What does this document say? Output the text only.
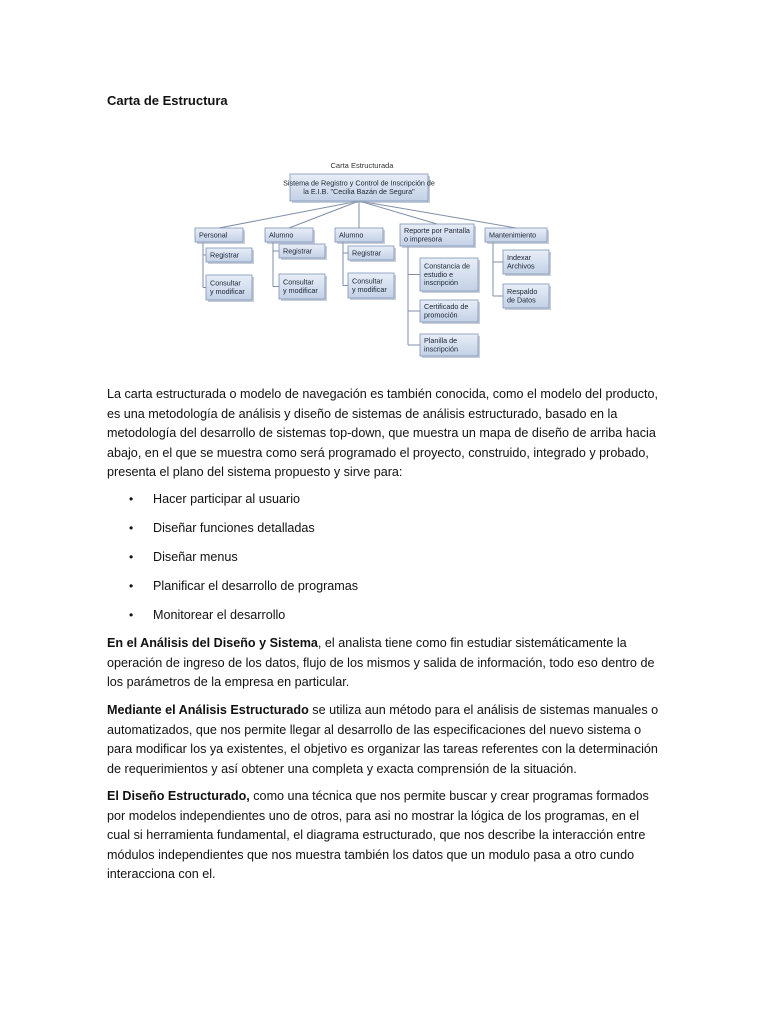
Carta de Estructura
Carta Estructurada
Sistema de Registro y Control de Inscripción de
la E.I.B. "Cecilia Bazán de Segura"
Personal
Registrar
Consultar
y modificar
Alumno
Registrar
Consultar
y modificar
Alumno
Registrar
Consultar
y modificar
Reporte por Pantalla
o impresora
Constancia de
estudio e
inscripción
Certificado de
promoción
Planilla de
inscripción
Mantenimiento
Indexar
Archivos
Respaldo
de Datos

La carta estructurada o modelo de navegación es también conocida, como el modelo del producto,
es una metodología de análisis y diseño de sistemas de análisis estructurado, basado en la
metodología del desarrollo de sistemas top-down, que muestra un mapa de diseño de arriba hacia
abajo, en el que se muestra como será programado el proyecto, construido, integrado y probado,
presenta el plano del sistema propuesto y sirve para:

• Hacer participar al usuario
• Diseñar funciones detalladas
• Diseñar menus
• Planificar el desarrollo de programas
• Monitorear el desarrollo

En el Análisis del Diseño y Sistema, el analista tiene como fin estudiar sistemáticamente la
operación de ingreso de los datos, flujo de los mismos y salida de información, todo eso dentro de
los parámetros de la empresa en particular.

Mediante el Análisis Estructurado se utiliza aun método para el análisis de sistemas manuales o
automatizados, que nos permite llegar al desarrollo de las especificaciones del nuevo sistema o
para modificar los ya existentes, el objetivo es organizar las tareas referentes con la determinación
de requerimientos y así obtener una completa y exacta comprensión de la situación.

El Diseño Estructurado, como una técnica que nos permite buscar y crear programas formados
por modelos independientes uno de otros, para asi no mostrar la lógica de los programas, en el
cual si herramienta fundamental, el diagrama estructurado, que nos describe la interacción entre
módulos independientes que nos muestra también los datos que un modulo pasa a otro cundo
interacciona con el.
